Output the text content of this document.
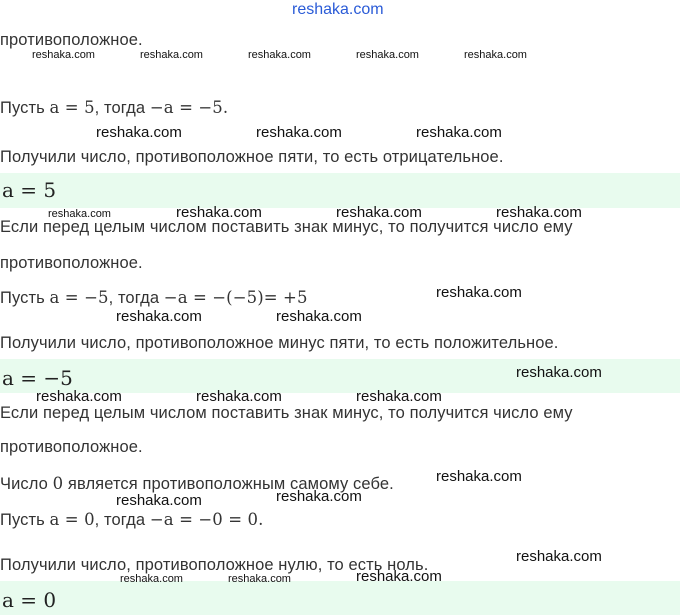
reshaka.com
противоположное.
Пусть a = 5, тогда −a = −5.
Получили число, противоположное пяти, то есть отрицательное.
a = 5
Если перед целым числом поставить знак минус, то получится число ему
противоположное.
Пусть a = −5, тогда −a = −(−5)= +5
Получили число, противоположное минус пяти, то есть положительное.
a = −5
Если перед целым числом поставить знак минус, то получится число ему
противоположное.
Число 0 является противоположным самому себе.
Пусть a = 0, тогда −a = −0 = 0.
Получили число, противоположное нулю, то есть ноль.
a = 0
reshaka.com	reshaka.com	reshaka.com	reshaka.com	reshaka.com
reshaka.com	reshaka.com	reshaka.com
reshaka.com	reshaka.com	reshaka.com	reshaka.com
reshaka.com
reshaka.com	reshaka.com
reshaka.com
reshaka.com	reshaka.com	reshaka.com
reshaka.com
reshaka.com
reshaka.com
reshaka.com
reshaka.com	reshaka.com	reshaka.com
